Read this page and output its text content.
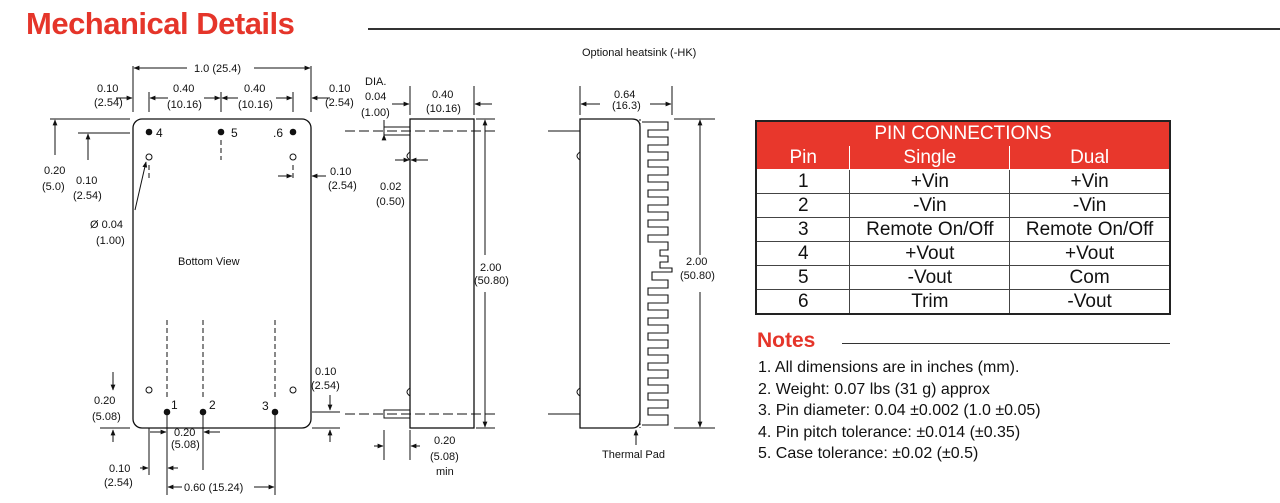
Mechanical Details
Optional heatsink (-HK)
1.0 (25.4)
0.10
(2.54)
0.40
(10.16)
0.40
(10.16)
0.10
(2.54)
DIA.
0.04
(1.00)
0.40
(10.16)
0.64
(16.3)
0.20
(5.0) 0.10
(2.54)
Ø 0.04
(1.00)
0.10
(2.54) 0.02
(0.50)
Bottom View	2.00
(50.80)
2.00
(50.80)
0.10
(2.54)
0.20
(5.08)
0.20
(5.08)	0.20
(5.08)
min
0.10
(2.54)	0.60 (15.24)
Thermal Pad
4	5	.6
1	2	3
PIN CONNECTIONS		
Pin	Single	Dual
1	+Vin	+Vin
2	-Vin	-Vin
3	Remote On/Off	Remote On/Off
4	+Vout	+Vout
5	-Vout	Com
6	Trim	-Vout
Notes
1. All dimensions are in inches (mm).
2. Weight: 0.07 lbs (31 g) approx
3. Pin diameter: 0.04 ±0.002 (1.0 ±0.05)
4. Pin pitch tolerance: ±0.014 (±0.35)
5. Case tolerance: ±0.02 (±0.5)
